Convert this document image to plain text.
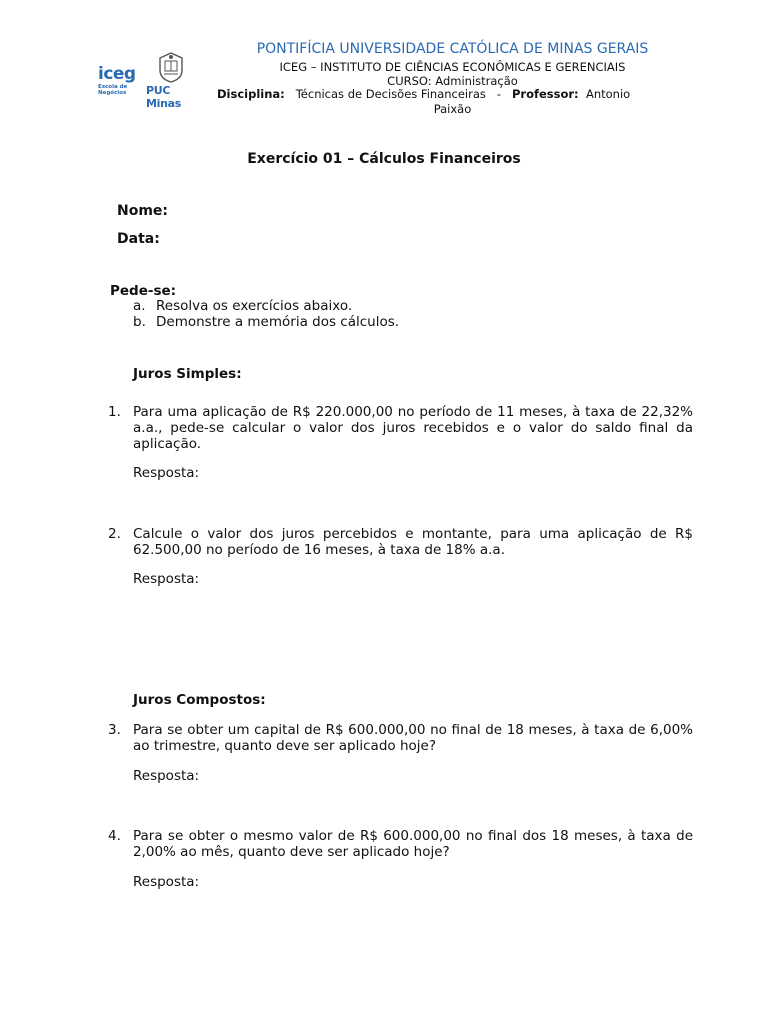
iceg
Escola de Negócios	PUC Minas
PONTIFÍCIA UNIVERSIDADE CATÓLICA DE MINAS GERAIS
ICEG – INSTITUTO DE CIÊNCIAS ECONÔMICAS E GERENCIAIS
CURSO: Administração
Disciplina: Técnicas de Decisões Financeiras - Professor: Antonio
Paixão
Exercício 01 – Cálculos Financeiros
Nome:
Data:
Pede-se:
a. Resolva os exercícios abaixo.
b. Demonstre a memória dos cálculos.
Juros Simples:
1. Para uma aplicação de R$ 220.000,00 no período de 11 meses, à taxa de 22,32% a.a., pede-se calcular o valor dos juros recebidos e o valor do saldo final da aplicação.
Resposta:
2. Calcule o valor dos juros percebidos e montante, para uma aplicação de R$ 62.500,00 no período de 16 meses, à taxa de 18% a.a.
Resposta:
Juros Compostos:
3. Para se obter um capital de R$ 600.000,00 no final de 18 meses, à taxa de 6,00% ao trimestre, quanto deve ser aplicado hoje?
Resposta:
4. Para se obter o mesmo valor de R$ 600.000,00 no final dos 18 meses, à taxa de 2,00% ao mês, quanto deve ser aplicado hoje?
Resposta:
